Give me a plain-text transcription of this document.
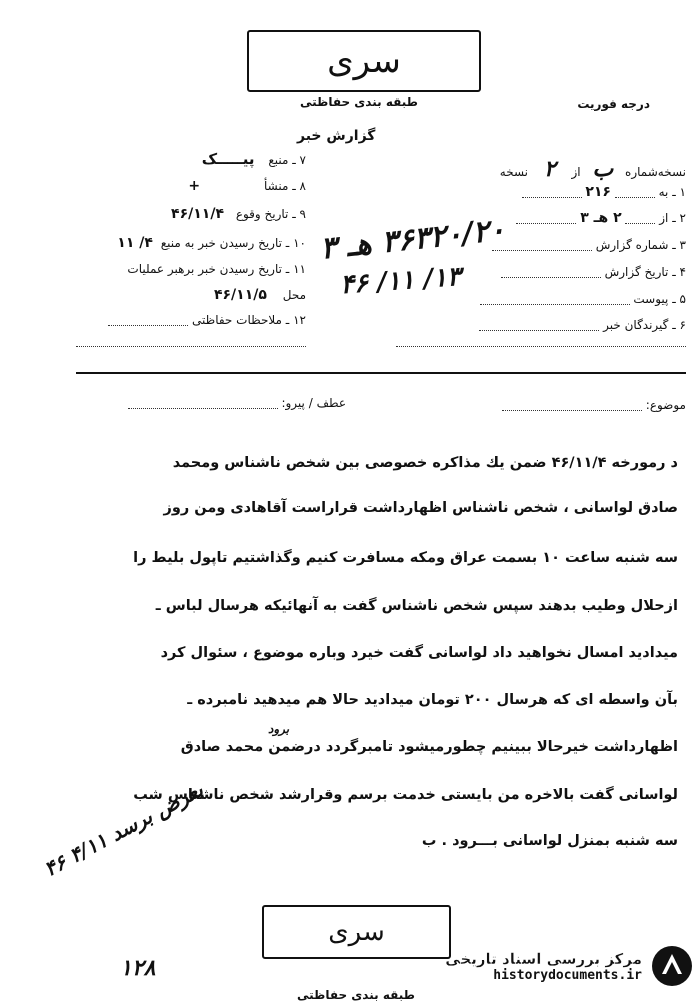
سری
طبقه بندی حفاظتی	درجه فوریت
گزارش خبر
نسخه‌شماره ب از ۲ نسخه
۱ ـ به  ۲۱۶
۲ ـ از  ۲ هـ ۳
۳ ـ شماره گزارش
۴ ـ تاریخ گزارش
۵ ـ پیوست
۶ ـ گیرندگان خبر
۳۶۳۲۰/۲۰ هـ ۳
۱۳/ ۱۱/ ۴۶
۷ ـ منبع پیـــــک
۸ ـ منشأ +
۹ ـ تاریخ وقوع ۴۶/۱۱/۴
۱۰ ـ تاریخ رسیدن خبر به منبع ۴/ ۱۱
۱۱ ـ تاریخ رسیدن خبر برهبر عملیات
محل ۴۶/۱۱/۵
۱۲ ـ ملاحظات حفاظتی
موضوع:
عطف / پیرو:
د رمورخه ۴۶/۱۱/۴ ضمن یك مذاکره خصوصی بین شخص ناشناس ومحمد
صادق لواسانی ، شخص ناشناس اظهارداشت قراراست آقاهادی ومن روز
سه شنبه ساعت ۱۰ بسمت عراق ومکه مسافرت کنیم وگذاشتیم تاپول بلیط را
ازحلال وطیب بدهند سپس شخص ناشناس گفت به آنهائیکه هرسال لباس ـ
میدادید امسال نخواهید داد لواسانی گفت خیرد وباره موضوع ، سئوال کرد
بآن واسطه ای که هرسال ۲۰۰ تومان میدادید حالا هم میدهید نامبرده ـ
برود
اظهارداشت خیرحالا ببینیم چطورمیشود تامبرگردد درضمن محمد صادق
لواسانی گفت بالاخره من بایستی خدمت برسم وقرارشد شخص ناشناس شب
سه شنبه بمنزل لواسانی بـــرود . ب
بعرض برسد ۴/۱۱ ۴۶
۱۲۸
سری
طبقه بندی حفاظتی
مرکز بررسی اسناد تاریخی
historydocuments.ir
